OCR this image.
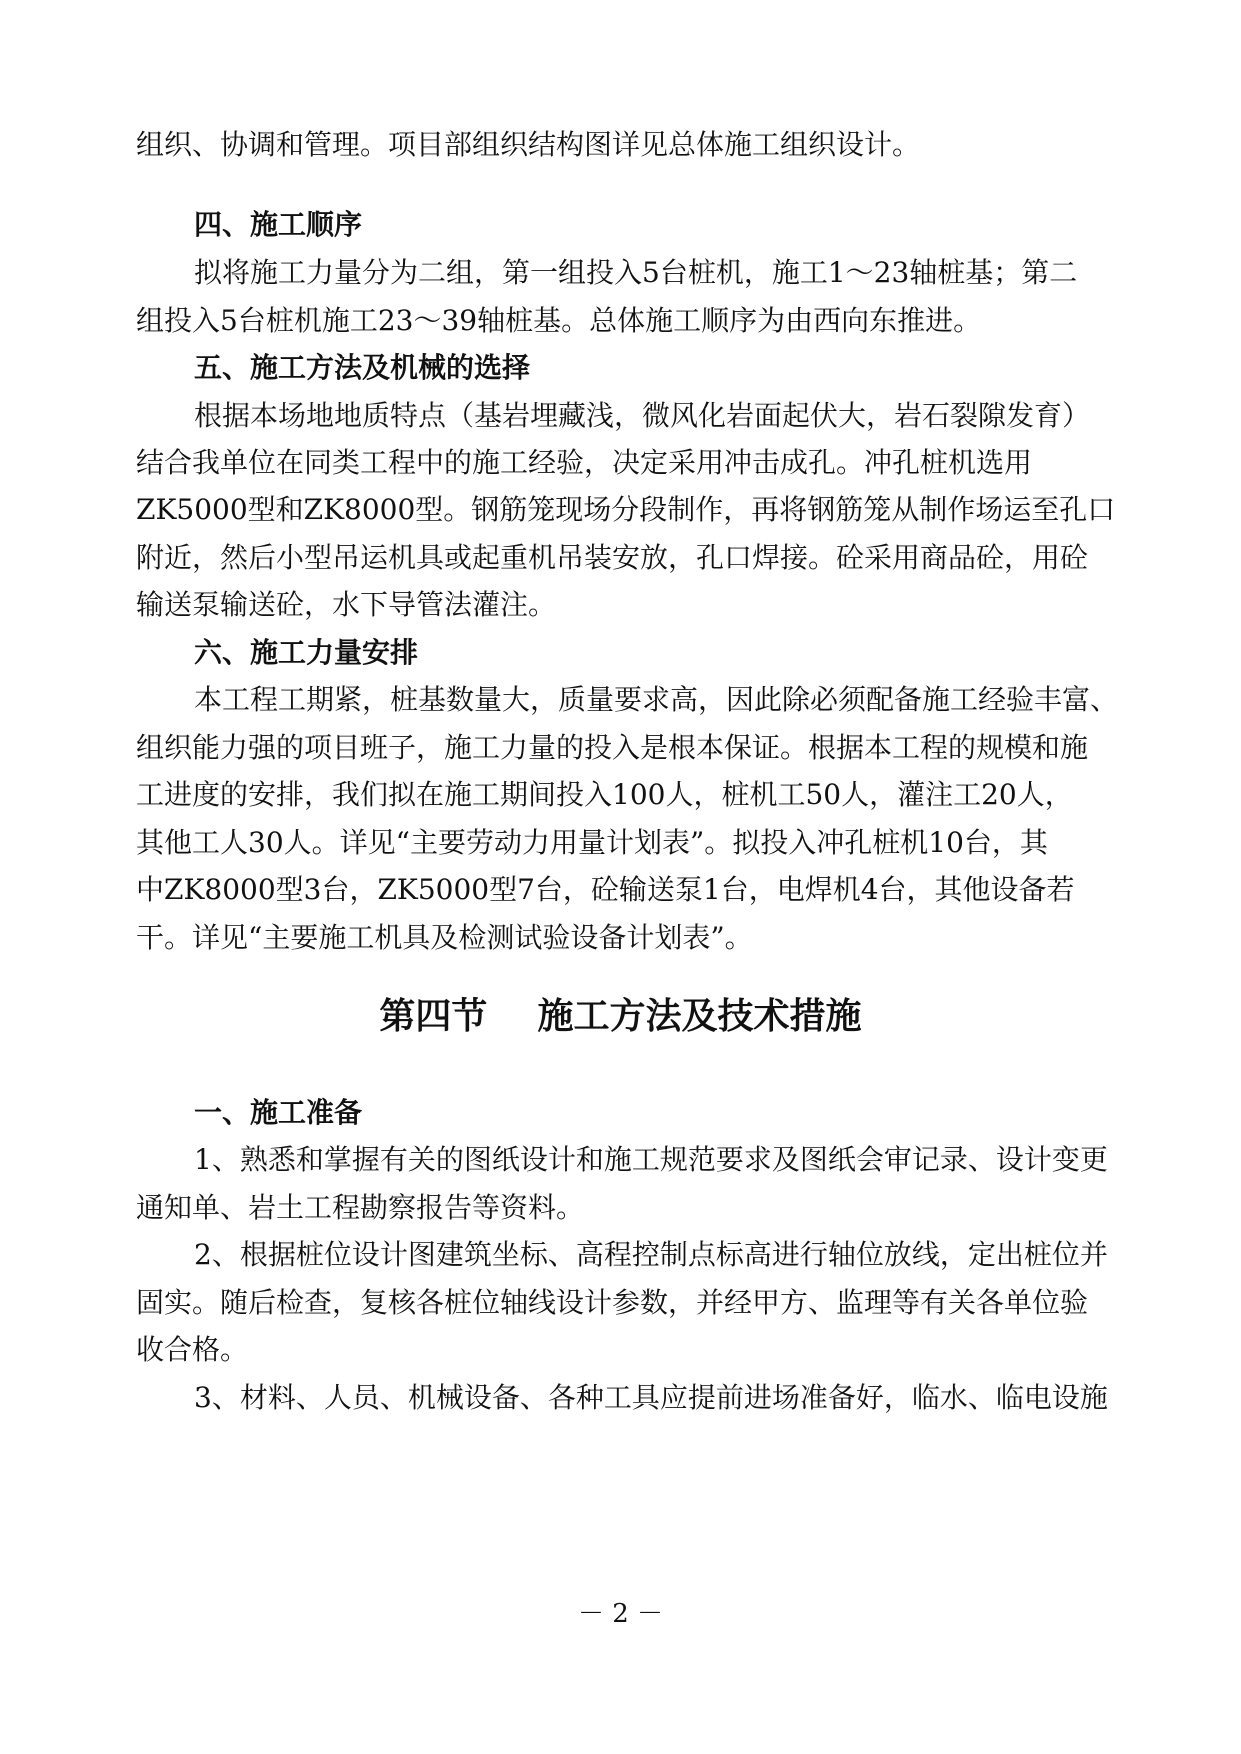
组织、协调和管理。项目部组织结构图详见总体施工组织设计。
四、施工顺序
拟将施工力量分为二组，第一组投入5台桩机，施工1～23轴桩基；第二
组投入5台桩机施工23～39轴桩基。总体施工顺序为由西向东推进。
五、施工方法及机械的选择
根据本场地地质特点（基岩埋藏浅，微风化岩面起伏大，岩石裂隙发育）
结合我单位在同类工程中的施工经验，决定采用冲击成孔。冲孔桩机选用
ZK5000型和ZK8000型。钢筋笼现场分段制作，再将钢筋笼从制作场运至孔口
附近，然后小型吊运机具或起重机吊装安放，孔口焊接。砼采用商品砼，用砼
输送泵输送砼，水下导管法灌注。
六、施工力量安排
本工程工期紧，桩基数量大，质量要求高，因此除必须配备施工经验丰富、
组织能力强的项目班子，施工力量的投入是根本保证。根据本工程的规模和施
工进度的安排，我们拟在施工期间投入100人，桩机工50人，灌注工20人，
其他工人30人。详见“主要劳动力用量计划表”。拟投入冲孔桩机10台，其
中ZK8000型3台，ZK5000型7台，砼输送泵1台，电焊机4台，其他设备若
干。详见“主要施工机具及检测试验设备计划表”。
第四节    施工方法及技术措施
一、施工准备
1、熟悉和掌握有关的图纸设计和施工规范要求及图纸会审记录、设计变更
通知单、岩土工程勘察报告等资料。
2、根据桩位设计图建筑坐标、高程控制点标高进行轴位放线，定出桩位并
固实。随后检查，复核各桩位轴线设计参数，并经甲方、监理等有关各单位验
收合格。
3、材料、人员、机械设备、各种工具应提前进场准备好，临水、临电设施
－ 2 －
